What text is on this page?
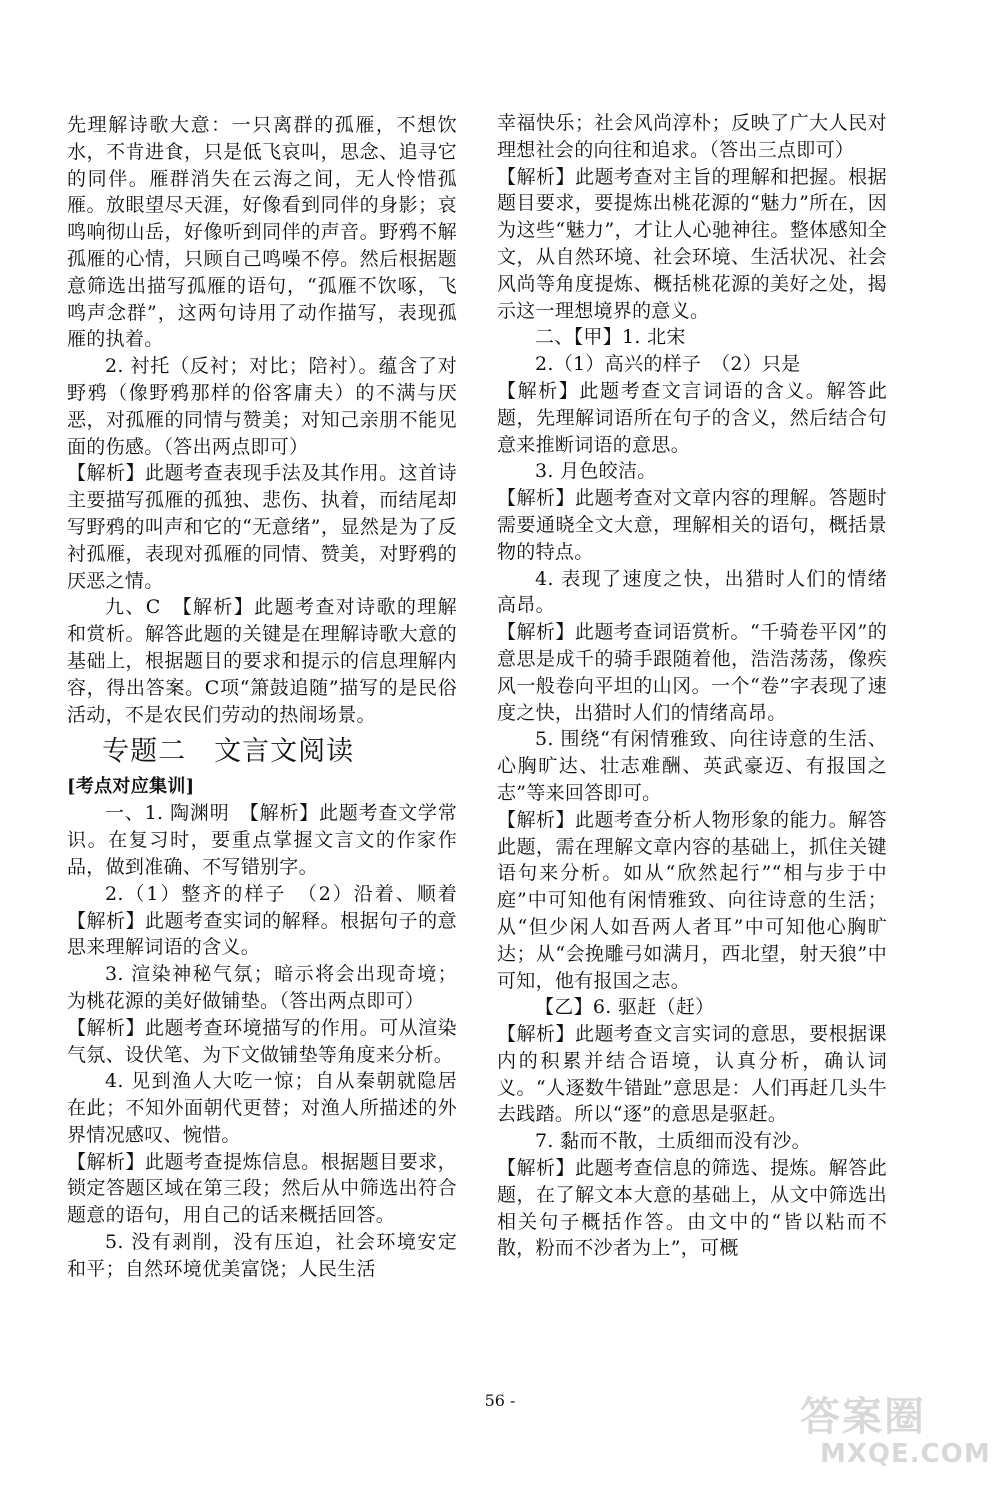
先理解诗歌大意：一只离群的孤雁，不想饮水，不肯进食，只是低飞哀叫，思念、追寻它的同伴。雁群消失在云海之间，无人怜惜孤雁。放眼望尽天涯，好像看到同伴的身影；哀鸣响彻山岳，好像听到同伴的声音。野鸦不解孤雁的心情，只顾自己鸣噪不停。然后根据题意筛选出描写孤雁的语句，“孤雁不饮啄，飞鸣声念群”，这两句诗用了动作描写，表现孤雁的执着。

2. 衬托（反衬；对比；陪衬）。蕴含了对野鸦（像野鸦那样的俗客庸夫）的不满与厌恶，对孤雁的同情与赞美；对知己亲朋不能见面的伤感。（答出两点即可）

【解析】此题考查表现手法及其作用。这首诗主要描写孤雁的孤独、悲伤、执着，而结尾却写野鸦的叫声和它的“无意绪”，显然是为了反衬孤雁，表现对孤雁的同情、赞美，对野鸦的厌恶之情。

九、C　【解析】此题考查对诗歌的理解和赏析。解答此题的关键是在理解诗歌大意的基础上，根据题目的要求和提示的信息理解内容，得出答案。C项“箫鼓追随”描写的是民俗活动，不是农民们劳动的热闹场景。

专题二　文言文阅读
[考点对应集训]

一、1. 陶渊明　【解析】此题考查文学常识。在复习时，要重点掌握文言文的作家作品，做到准确、不写错别字。

2.（1）整齐的样子　（2）沿着、顺着　【解析】此题考查实词的解释。根据句子的意思来理解词语的含义。

3. 渲染神秘气氛；暗示将会出现奇境；为桃花源的美好做铺垫。（答出两点即可）

【解析】此题考查环境描写的作用。可从渲染气氛、设伏笔、为下文做铺垫等角度来分析。

4. 见到渔人大吃一惊；自从秦朝就隐居在此；不知外面朝代更替；对渔人所描述的外界情况感叹、惋惜。

【解析】此题考查提炼信息。根据题目要求，锁定答题区域在第三段；然后从中筛选出符合题意的语句，用自己的话来概括回答。

5. 没有剥削，没有压迫，社会环境安定和平；自然环境优美富饶；人民生活

幸福快乐；社会风尚淳朴；反映了广大人民对理想社会的向往和追求。（答出三点即可）

【解析】此题考查对主旨的理解和把握。根据题目要求，要提炼出桃花源的“魅力”所在，因为这些“魅力”，才让人心驰神往。整体感知全文，从自然环境、社会环境、生活状况、社会风尚等角度提炼、概括桃花源的美好之处，揭示这一理想境界的意义。

二、【甲】1. 北宋

2.（1）高兴的样子　（2）只是

【解析】此题考查文言词语的含义。解答此题，先理解词语所在句子的含义，然后结合句意来推断词语的意思。

3. 月色皎洁。

【解析】此题考查对文章内容的理解。答题时需要通晓全文大意，理解相关的语句，概括景物的特点。

4. 表现了速度之快，出猎时人们的情绪高昂。

【解析】此题考查词语赏析。“千骑卷平冈”的意思是成千的骑手跟随着他，浩浩荡荡，像疾风一般卷向平坦的山冈。一个“卷”字表现了速度之快，出猎时人们的情绪高昂。

5. 围绕“有闲情雅致、向往诗意的生活、心胸旷达、壮志难酬、英武豪迈、有报国之志”等来回答即可。

【解析】此题考查分析人物形象的能力。解答此题，需在理解文章内容的基础上，抓住关键语句来分析。如从“欣然起行”“相与步于中庭”中可知他有闲情雅致、向往诗意的生活；从“但少闲人如吾两人者耳”中可知他心胸旷达；从“会挽雕弓如满月，西北望，射天狼”中可知，他有报国之志。

【乙】6. 驱赶（赶）

【解析】此题考查文言实词的意思，要根据课内的积累并结合语境，认真分析，确认词义。“人逐数牛错趾”意思是：人们再赶几头牛去践踏。所以“逐”的意思是驱赶。

7. 黏而不散，土质细而没有沙。

【解析】此题考查信息的筛选、提炼。解答此题，在了解文本大意的基础上，从文中筛选出相关句子概括作答。由文中的“皆以粘而不散，粉而不沙者为上”，可概

56 -	答案圈
MXQE.COM
